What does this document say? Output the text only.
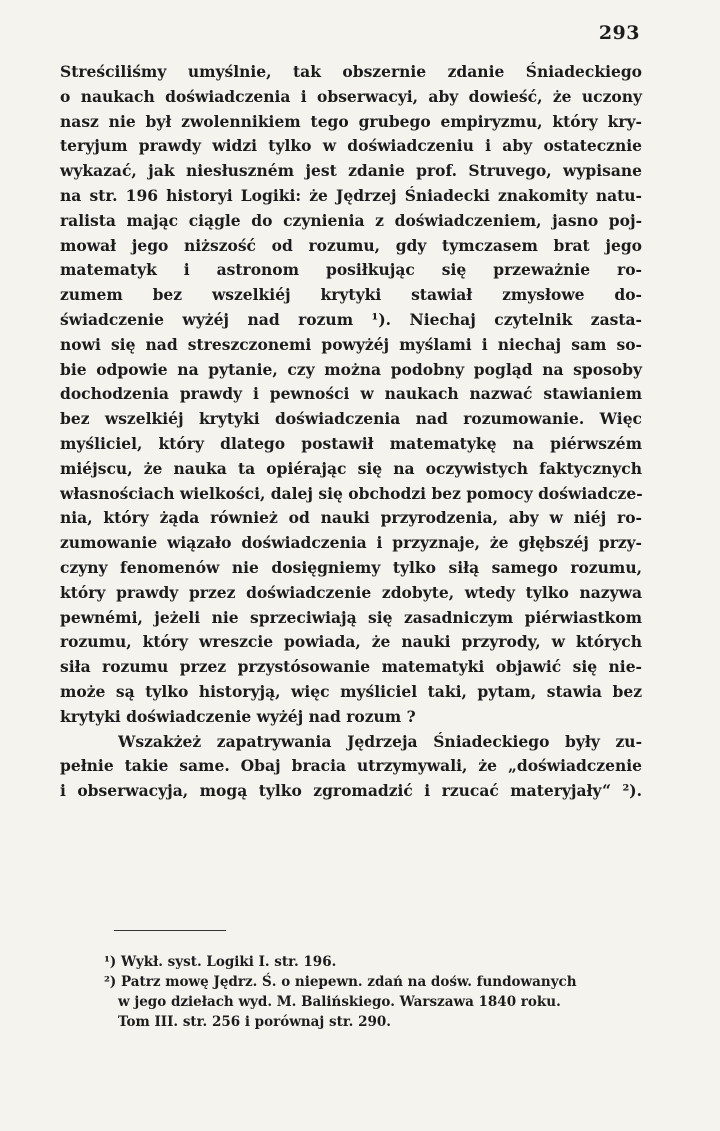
293
Streściliśmy umyślnie, tak obszernie zdanie Śniadeckiego
o naukach doświadczenia i obserwacyi, aby dowieść, że uczony
nasz nie był zwolennikiem tego grubego empiryzmu, który kry-
teryjum prawdy widzi tylko w doświadczeniu i aby ostatecznie
wykazać, jak niesłuszném jest zdanie prof. Struvego, wypisane
na str. 196 historyi Logiki: że Jędrzej Śniadecki znakomity natu-
ralista mając ciągle do czynienia z doświadczeniem, jasno poj-
mował jego niższość od rozumu, gdy tymczasem brat jego
matematyk i astronom posiłkując się przeważnie ro-
zumem bez wszelkiéj krytyki stawiał zmysłowe do-
świadczenie wyżéj nad rozum ¹). Niechaj czytelnik zasta-
nowi się nad streszczonemi powyżéj myślami i niechaj sam so-
bie odpowie na pytanie, czy można podobny pogląd na sposoby
dochodzenia prawdy i pewności w naukach nazwać stawianiem
bez wszelkiéj krytyki doświadczenia nad rozumowanie. Więc
myśliciel, który dlatego postawił matematykę na piérwszém
miéjscu, że nauka ta opiérając się na oczywistych faktycznych
własnościach wielkości, dalej się obchodzi bez pomocy doświadcze-
nia, który żąda również od nauki przyrodzenia, aby w niéj ro-
zumowanie wiązało doświadczenia i przyznaje, że głębszéj przy-
czyny fenomenów nie dosięgniemy tylko siłą samego rozumu,
który prawdy przez doświadczenie zdobyte, wtedy tylko nazywa
pewnémi, jeżeli nie sprzeciwiają się zasadniczym piérwiastkom
rozumu, który wreszcie powiada, że nauki przyrody, w których
siła rozumu przez przystósowanie matematyki objawić się nie-
może są tylko historyją, więc myśliciel taki, pytam, stawia bez
krytyki doświadczenie wyżéj nad rozum ?
Wszakżeż zapatrywania Jędrzeja Śniadeckiego były zu-
pełnie takie same. Obaj bracia utrzymywali, że „doświadczenie
i obserwacyja, mogą tylko zgromadzić i rzucać materyjały“ ²).
¹) Wykł. syst. Logiki I. str. 196.
²) Patrz mowę Jędrz. Ś. o niepewn. zdań na dośw. fundowanych
w jego dziełach wyd. M. Balińskiego. Warszawa 1840 roku.
Tom III. str. 256 i porównaj str. 290.
